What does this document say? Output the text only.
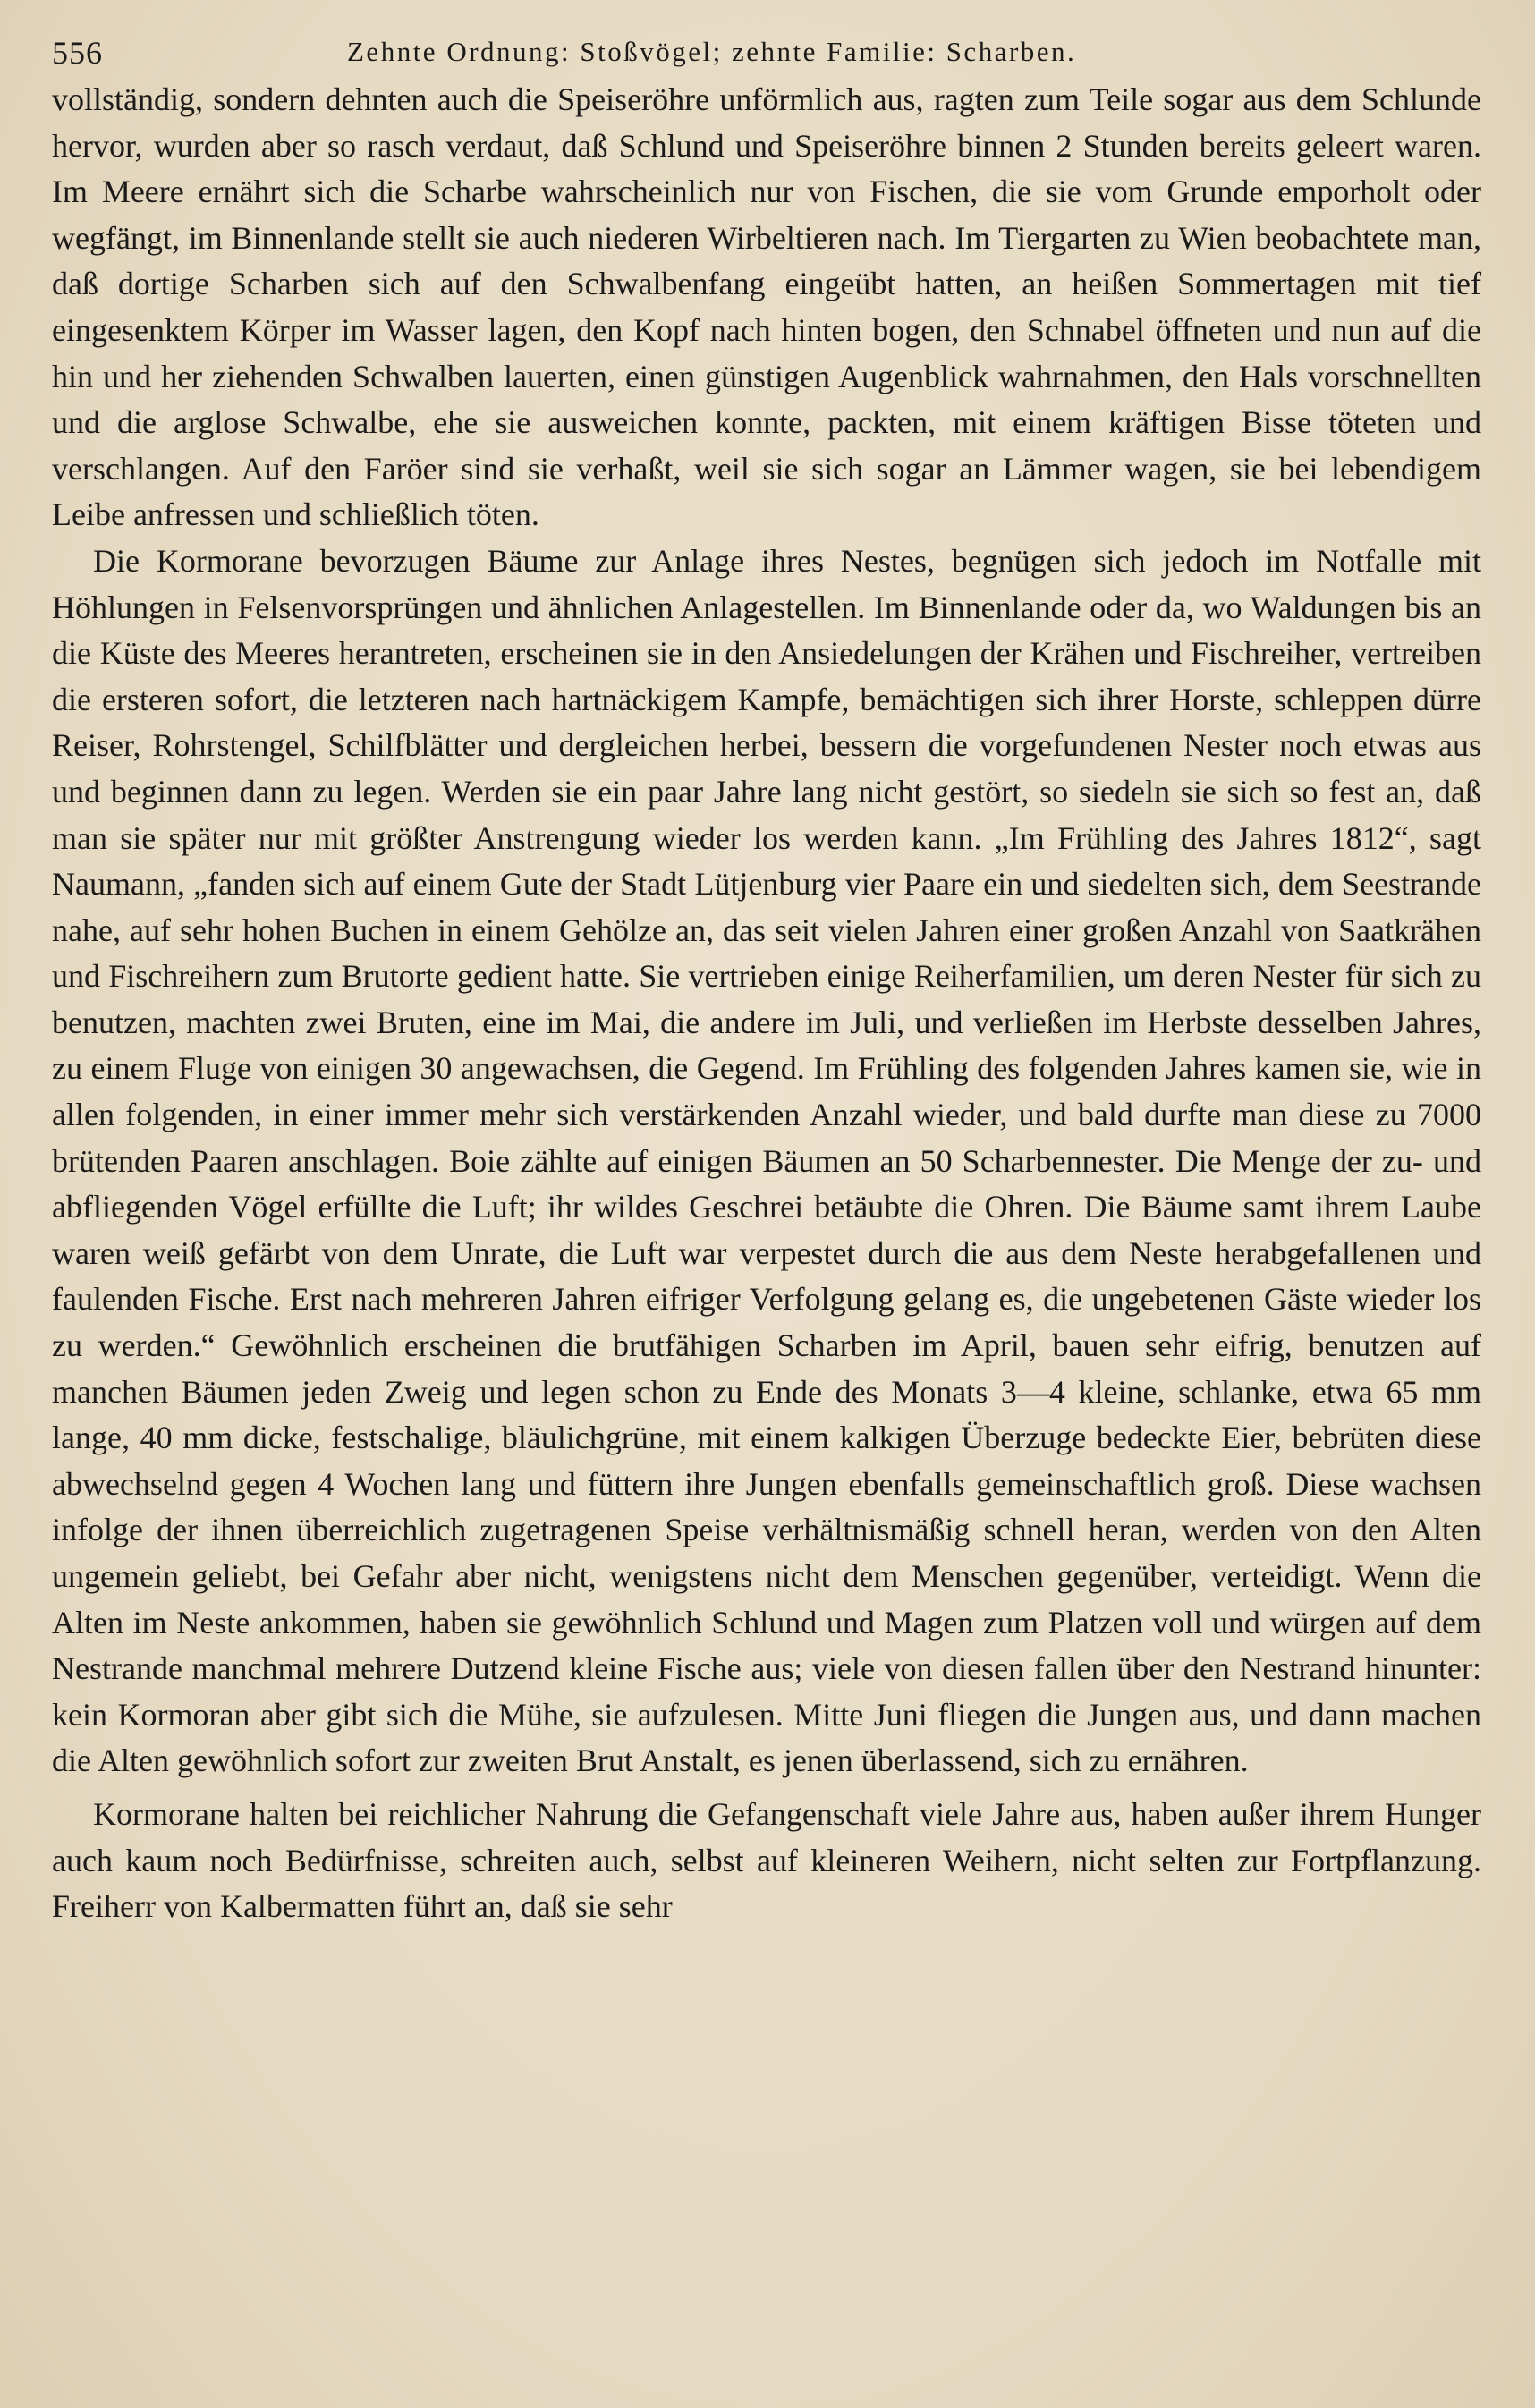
556	Zehnte Ordnung: Stoßvögel; zehnte Familie: Scharben.

vollständig, sondern dehnten auch die Speiseröhre unförmlich aus, ragten zum Teile sogar aus dem Schlunde hervor, wurden aber so rasch verdaut, daß Schlund und Speiseröhre binnen 2 Stunden bereits geleert waren. Im Meere ernährt sich die Scharbe wahrscheinlich nur von Fischen, die sie vom Grunde emporholt oder wegfängt, im Binnenlande stellt sie auch niederen Wirbeltieren nach. Im Tiergarten zu Wien beobachtete man, daß dortige Scharben sich auf den Schwalbenfang eingeübt hatten, an heißen Sommertagen mit tief eingesenktem Körper im Wasser lagen, den Kopf nach hinten bogen, den Schnabel öffneten und nun auf die hin und her ziehenden Schwalben lauerten, einen günstigen Augenblick wahrnahmen, den Hals vorschnellten und die arglose Schwalbe, ehe sie ausweichen konnte, packten, mit einem kräftigen Bisse töteten und verschlangen. Auf den Faröer sind sie verhaßt, weil sie sich sogar an Lämmer wagen, sie bei lebendigem Leibe anfressen und schließlich töten.

Die Kormorane bevorzugen Bäume zur Anlage ihres Nestes, begnügen sich jedoch im Notfalle mit Höhlungen in Felsenvorsprüngen und ähnlichen Anlagestellen. Im Binnenlande oder da, wo Waldungen bis an die Küste des Meeres herantreten, erscheinen sie in den Ansiedelungen der Krähen und Fischreiher, vertreiben die ersteren sofort, die letzteren nach hartnäckigem Kampfe, bemächtigen sich ihrer Horste, schleppen dürre Reiser, Rohrstengel, Schilfblätter und dergleichen herbei, bessern die vorgefundenen Nester noch etwas aus und beginnen dann zu legen. Werden sie ein paar Jahre lang nicht gestört, so siedeln sie sich so fest an, daß man sie später nur mit größter Anstrengung wieder los werden kann. „Im Frühling des Jahres 1812“, sagt Naumann, „fanden sich auf einem Gute der Stadt Lütjenburg vier Paare ein und siedelten sich, dem Seestrande nahe, auf sehr hohen Buchen in einem Gehölze an, das seit vielen Jahren einer großen Anzahl von Saatkrähen und Fischreihern zum Brutorte gedient hatte. Sie vertrieben einige Reiherfamilien, um deren Nester für sich zu benutzen, machten zwei Bruten, eine im Mai, die andere im Juli, und verließen im Herbste desselben Jahres, zu einem Fluge von einigen 30 angewachsen, die Gegend. Im Frühling des folgenden Jahres kamen sie, wie in allen folgenden, in einer immer mehr sich verstärkenden Anzahl wieder, und bald durfte man diese zu 7000 brütenden Paaren anschlagen. Boie zählte auf einigen Bäumen an 50 Scharbennester. Die Menge der zu- und abfliegenden Vögel erfüllte die Luft; ihr wildes Geschrei betäubte die Ohren. Die Bäume samt ihrem Laube waren weiß gefärbt von dem Unrate, die Luft war verpestet durch die aus dem Neste herabgefallenen und faulenden Fische. Erst nach mehreren Jahren eifriger Verfolgung gelang es, die ungebetenen Gäste wieder los zu werden.“ Gewöhnlich erscheinen die brutfähigen Scharben im April, bauen sehr eifrig, benutzen auf manchen Bäumen jeden Zweig und legen schon zu Ende des Monats 3—4 kleine, schlanke, etwa 65 mm lange, 40 mm dicke, festschalige, bläulichgrüne, mit einem kalkigen Überzuge bedeckte Eier, bebrüten diese abwechselnd gegen 4 Wochen lang und füttern ihre Jungen ebenfalls gemeinschaftlich groß. Diese wachsen infolge der ihnen überreichlich zugetragenen Speise verhältnismäßig schnell heran, werden von den Alten ungemein geliebt, bei Gefahr aber nicht, wenigstens nicht dem Menschen gegenüber, verteidigt. Wenn die Alten im Neste ankommen, haben sie gewöhnlich Schlund und Magen zum Platzen voll und würgen auf dem Nestrande manchmal mehrere Dutzend kleine Fische aus; viele von diesen fallen über den Nestrand hinunter: kein Kormoran aber gibt sich die Mühe, sie aufzulesen. Mitte Juni fliegen die Jungen aus, und dann machen die Alten gewöhnlich sofort zur zweiten Brut Anstalt, es jenen überlassend, sich zu ernähren.

Kormorane halten bei reichlicher Nahrung die Gefangenschaft viele Jahre aus, haben außer ihrem Hunger auch kaum noch Bedürfnisse, schreiten auch, selbst auf kleineren Weihern, nicht selten zur Fortpflanzung. Freiherr von Kalbermatten führt an, daß sie sehr
